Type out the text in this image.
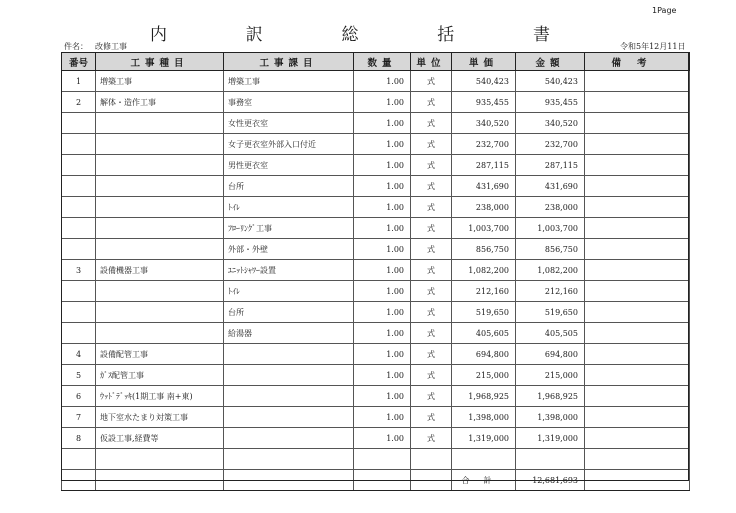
1Page
内	訳	総	括	書
件名： 改修工事	令和5年12月11日
番号	工事種目	工事課目	数量	単位	単価	金額	備考
1	増築工事	増築工事	1.00	式	540,423	540,423	
2	解体・造作工事	事務室	1.00	式	935,455	935,455	
		女性更衣室	1.00	式	340,520	340,520	
		女子更衣室外部入口付近	1.00	式	232,700	232,700	
		男性更衣室	1.00	式	287,115	287,115	
		台所	1.00	式	431,690	431,690	
		ﾄｲﾚ	1.00	式	238,000	238,000	
		ﾌﾛｰﾘﾝｸﾞ工事	1.00	式	1,003,700	1,003,700	
		外部・外壁	1.00	式	856,750	856,750	
3	設備機器工事	ﾕﾆｯﾄｼｬﾜｰ設置	1.00	式	1,082,200	1,082,200	
		ﾄｲﾚ	1.00	式	212,160	212,160	
		台所	1.00	式	519,650	519,650	
		給湯器	1.00	式	405,605	405,505	
4	設備配管工事		1.00	式	694,800	694,800	
5	ｶﾞｽ配管工事		1.00	式	215,000	215,000	
6	ｳｯﾄﾞﾃﾞｯｷ(1期工事 南+東)		1.00	式	1,968,925	1,968,925	
7	地下室水たまり対策工事		1.00	式	1,398,000	1,398,000	
8	仮設工事,経費等		1.00	式	1,319,000	1,319,000	

					合計	12,681,693	
